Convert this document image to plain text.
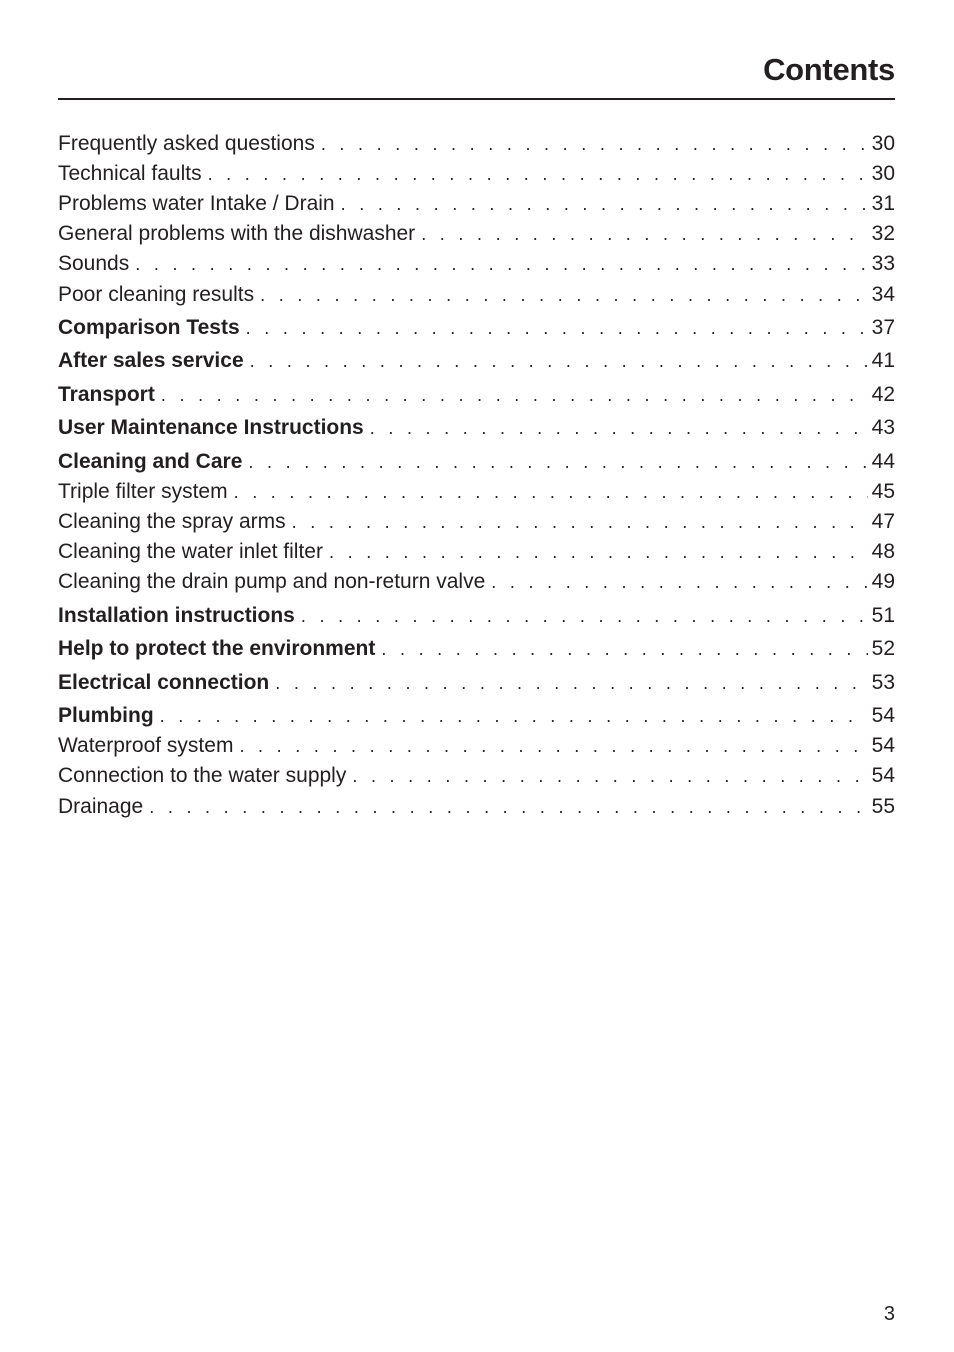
Contents
Frequently asked questions . . .	30
Technical faults . . .	30
Problems water Intake / Drain . . .	31
General problems with the dishwasher . . .	32
Sounds . . .	33
Poor cleaning results . . .	34
Comparison Tests . . .	37
After sales service . . .	41
Transport . . .	42
User Maintenance Instructions . . .	43
Cleaning and Care . . .	44
Triple filter system . . .	45
Cleaning the spray arms . . .	47
Cleaning the water inlet filter . . .	48
Cleaning the drain pump and non-return valve . . .	49
Installation instructions . . .	51
Help to protect the environment . . .	52
Electrical connection . . .	53
Plumbing . . .	54
Waterproof system . . .	54
Connection to the water supply . . .	54
Drainage . . .	55
3
